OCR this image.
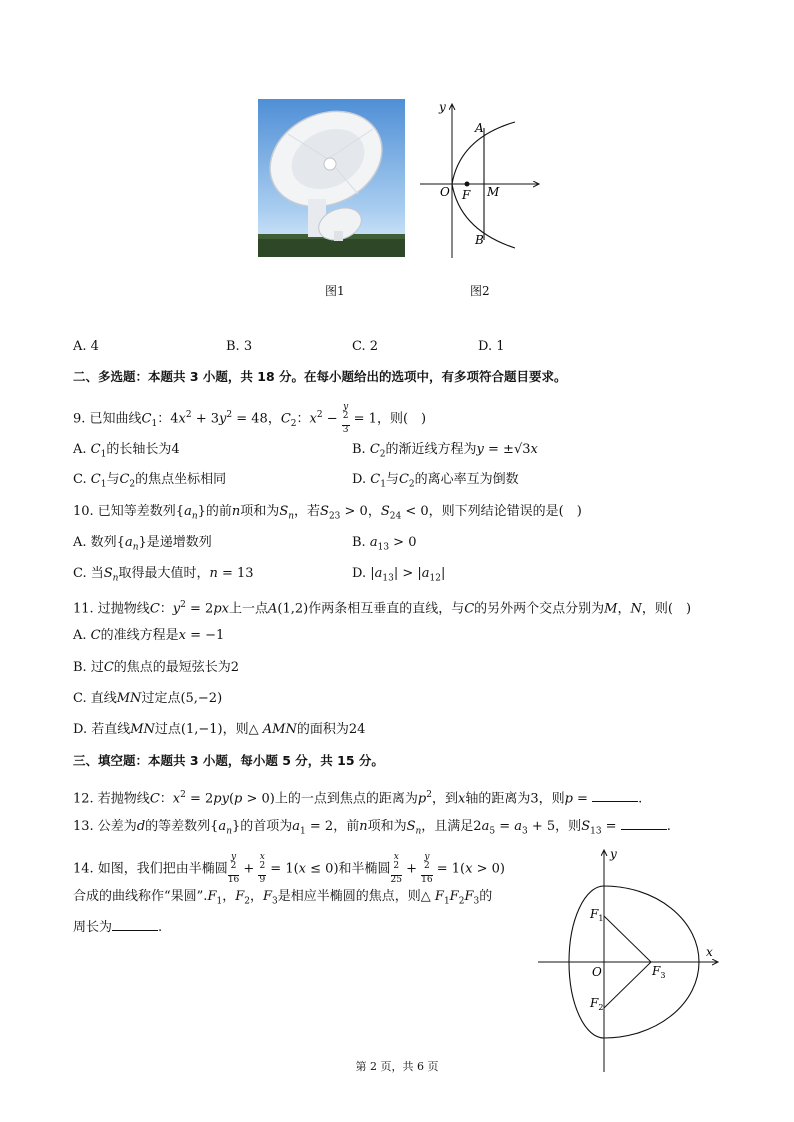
y
A
O F M
B
图1	图2
A. 4	B. 3	C. 2	D. 1
二、多选题：本题共 3 小题，共 18 分。在每小题给出的选项中，有多项符合题目要求。
9. 已知曲线$C_1$：$4x^2 + 3y^2 = 48$，$C_2$：$x^2 - y$
$^2$
3 = 1，则(　)
A. $C_1$的长轴长为4	B. $C_2$的渐近线方程为y = ±√3x
C. $C_1$与$C_2$的焦点坐标相同	D. $C_1$与$C_2$的离心率互为倒数
10. 已知等差数列$\{a_n\}$的前n项和为$S_n$，若$S_{23} > 0$，$S_{24} < 0$，则下列结论错误的是(　)
A. 数列$\{a_n\}$是递增数列	B. $a_{13} > 0$
C. 当$S_n$取得最大值时，n = 13	D. $|a_{13}| > |a_{12}|$
11. 过抛物线C：$y^2 = 2px$上一点A(1,2)作两条相互垂直的直线，与C的另外两个交点分别为M，N，则(　)
A. C的准线方程是x = −1
B. 过C的焦点的最短弦长为2
C. 直线MN过定点(5,−2)
D. 若直线MN过点(1,−1)，则△ AMN的面积为24
三、填空题：本题共 3 小题，每小题 5 分，共 15 分。
12. 若抛物线C：$x^2 = 2py(p > 0)$上的一点到焦点的距离为$p^2$，到x轴的距离为3，则p =	.
13. 公差为d的等差数列$\{a_n\}$的首项为$a_1 = 2$，前n项和为$S_n$，且满足$2a_5 = a_3 + 5$，则$S_{13}$ =	.
14. 如图，我们把由半椭圆 y
$^2$
16 + x
$^2$
9 = 1(x ≤ 0)和半椭圆 x
$^2$
25 + y
$^2$
16 = 1(x > 0)
合成的曲线称作“果圆$”.F_1$，$F_2$，$F_3$是相应半椭圆的焦点，则△ $F_1F_2F_3$的
周长为	.
y
x
O
$F_1$
$F_2$
$F_3$
第 2 页，共 6 页
